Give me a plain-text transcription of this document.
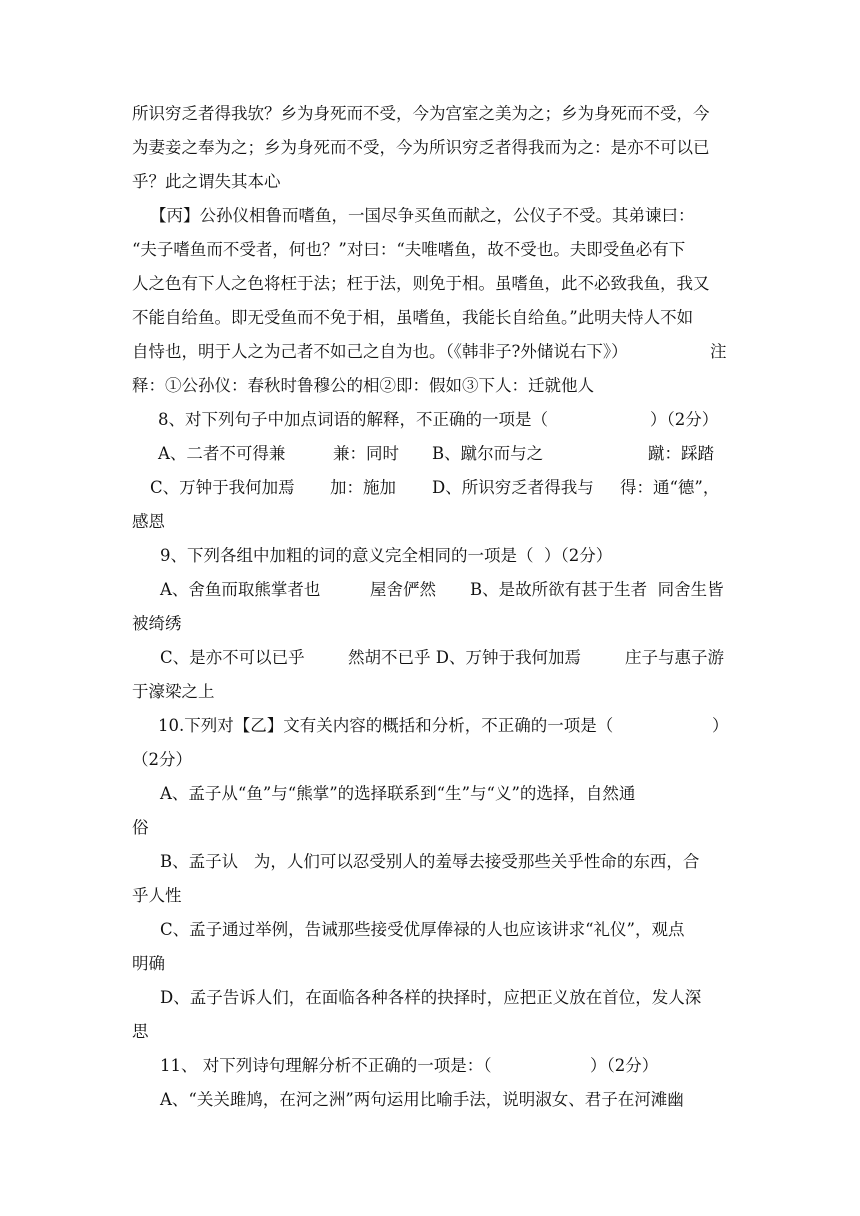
所识穷乏者得我欤？乡为身死而不受，今为宫室之美为之；乡为身死而不受，今
为妻妾之奉为之；乡为身死而不受，今为所识穷乏者得我而为之：是亦不可以已
乎？此之谓失其本心
【丙】公孙仪相鲁而嗜鱼，一国尽争买鱼而献之，公仪子不受。其弟谏曰：
“夫子嗜鱼而不受者，何也？”对曰：“夫唯嗜鱼，故不受也。夫即受鱼必有下
人之色有下人之色将枉于法；枉于法，则免于相。虽嗜鱼，此不必致我鱼，我又
不能自给鱼。即无受鱼而不免于相，虽嗜鱼，我能长自给鱼。”此明夫恃人不如
自恃也，明于人之为己者不如己之自为也。（《韩非子?外储说右下》）	注
释：①公孙仪：春秋时鲁穆公的相②即：假如③下人：迁就他人
8、对下列句子中加点词语的解释，不正确的一项是（	）（2分）
A、二者不可得兼	兼：同时 B、蹴尔而与之	蹴：踩踏
C、万钟于我何加焉 加：施加 D、所识穷乏者得我与 得：通“德”，
感恩
9、下列各组中加粗的词的意义完全相同的一项是（  ）（2分）
A、舍鱼而取熊掌者也	屋舍俨然 B、是故所欲有甚于生者  同舍生皆
被绮绣
C、是亦不可以已乎	然胡不已乎 D、万钟于我何加焉	庄子与惠子游
于濠梁之上
10.下列对【乙】文有关内容的概括和分析，不正确的一项是（	）
（2分）
A、孟子从“鱼”与“熊掌”的选择联系到“生”与“义”的选择，自然通
俗
B、孟子认   为，人们可以忍受别人的羞辱去接受那些关乎性命的东西，合
乎人性
C、孟子通过举例，告诫那些接受优厚俸禄的人也应该讲求“礼仪”，观点
明确
D、孟子告诉人们，在面临各种各样的抉择时，应把正义放在首位，发人深
思
11、 对下列诗句理解分析不正确的一项是：（	）（2分）
A、“关关雎鸠，在河之洲”两句运用比喻手法，说明淑女、君子在河滩幽
